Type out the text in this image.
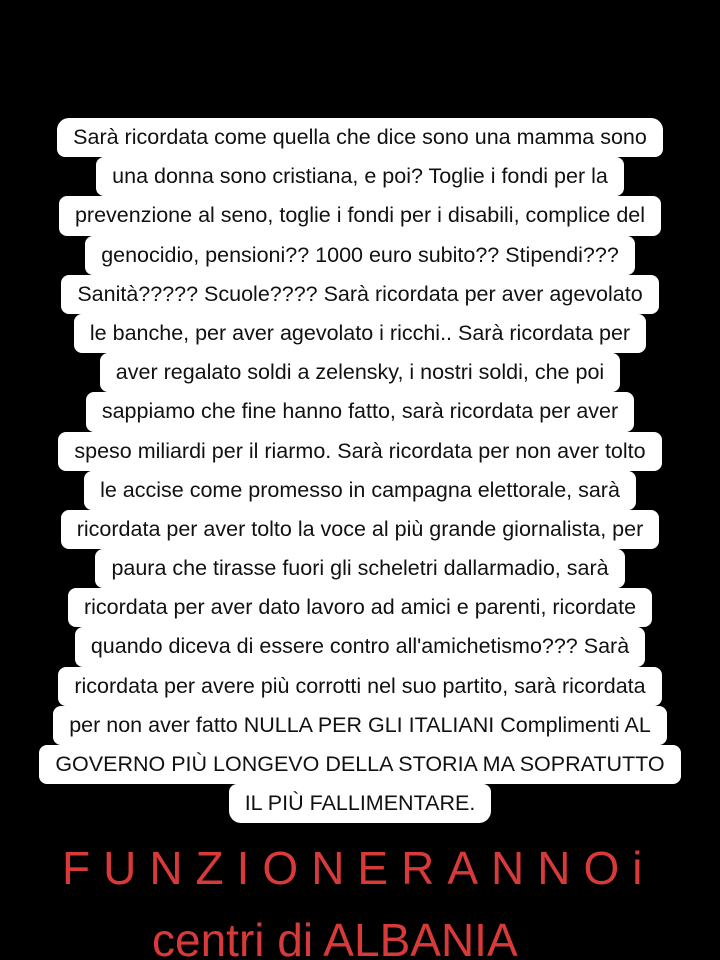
Sarà ricordata come quella che dice sono una mamma sono
una donna sono cristiana, e poi? Toglie i fondi per la
prevenzione al seno, toglie i fondi per i disabili, complice del
genocidio, pensioni?? 1000 euro subito?? Stipendi???
Sanità????? Scuole???? Sarà ricordata per aver agevolato
le banche, per aver agevolato i ricchi.. Sarà ricordata per
aver regalato soldi a zelensky, i nostri soldi, che poi
sappiamo che fine hanno fatto, sarà ricordata per aver
speso miliardi per il riarmo. Sarà ricordata per non aver tolto
le accise come promesso in campagna elettorale, sarà
ricordata per aver tolto la voce al più grande giornalista, per
paura che tirasse fuori gli scheletri dallarmadio, sarà
ricordata per aver dato lavoro ad amici e parenti, ricordate
quando diceva di essere contro all'amichetismo??? Sarà
ricordata per avere più corrotti nel suo partito, sarà ricordata
per non aver fatto NULLA PER GLI ITALIANI Complimenti AL
GOVERNO PIÙ LONGEVO DELLA STORIA MA SOPRATUTTO
IL PIÙ FALLIMENTARE.
FUNZIONERANNOi
centri di ALBANIA
